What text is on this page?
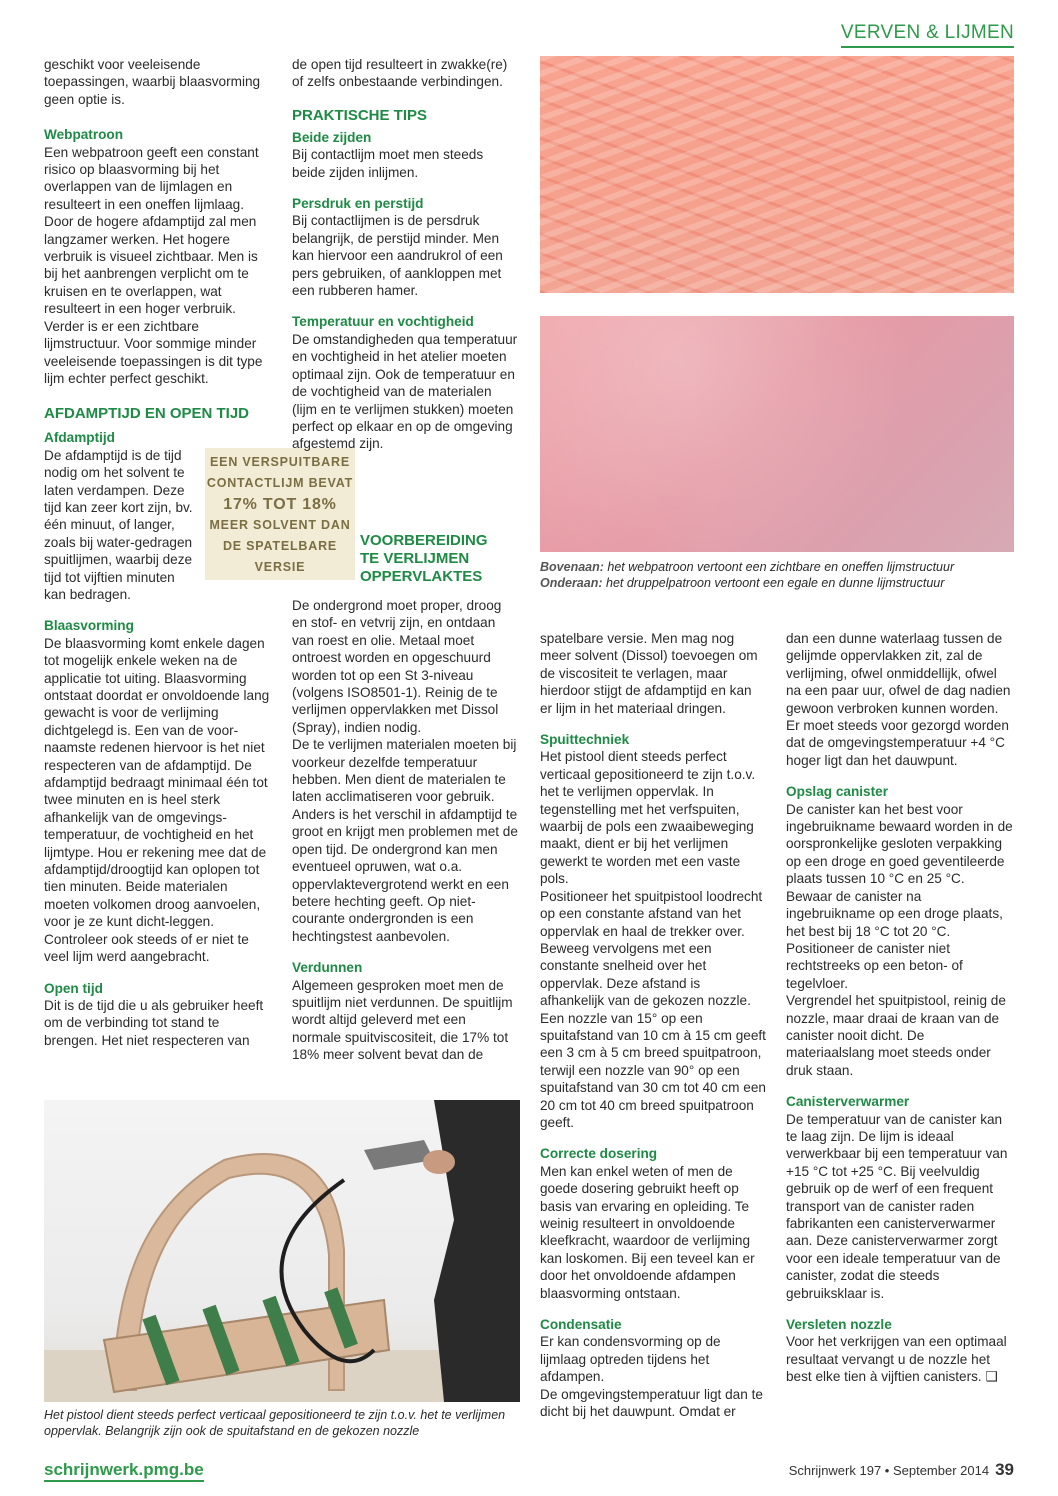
VERVEN & LIJMEN

geschikt voor veeleisende toepassingen, waarbij blaasvorming geen optie is.

Webpatroon

Een webpatroon geeft een constant risico op blaasvorming bij het overlappen van de lijmlagen en resulteert in een oneffen lijmlaag. Door de hogere afdamptijd zal men langzamer werken. Het hogere verbruik is visueel zichtbaar. Men is bij het aanbrengen verplicht om te kruisen en te overlappen, wat resulteert in een hoger verbruik. Verder is er een zichtbare lijmstructuur. Voor sommige minder veeleisende toepassingen is dit type lijm echter perfect geschikt.

AFDAMPTIJD EN OPEN TIJD
Afdamptijd

De afdamptijd is de tijd nodig om het solvent te laten verdampen. Deze tijd kan zeer kort zijn, bv. één minuut, of langer, zoals bij water-gedragen spuitlijmen, waarbij deze tijd tot vijftien minuten kan bedragen.

Blaasvorming

De blaasvorming komt enkele dagen tot mogelijk enkele weken na de applicatie tot uiting. Blaasvorming ontstaat doordat er onvoldoende lang gewacht is voor de verlijming dichtgelegd is. Een van de voor-naamste redenen hiervoor is het niet respecteren van de afdamptijd. De afdamptijd bedraagt minimaal één tot twee minuten en is heel sterk afhankelijk van de omgevings-temperatuur, de vochtigheid en het lijmtype. Hou er rekening mee dat de afdamptijd/droogtijd kan oplopen tot tien minuten. Beide materialen moeten volkomen droog aanvoelen, voor je ze kunt dicht-leggen. Controleer ook steeds of er niet te veel lijm werd aangebracht.

Open tijd

Dit is de tijd die u als gebruiker heeft om de verbinding tot stand te brengen. Het niet respecteren van

EEN VERSPUITBARE
CONTACTLIJM BEVAT
17% TOT 18%
MEER SOLVENT DAN
DE SPATELBARE
VERSIE

de open tijd resulteert in zwakke(re) of zelfs onbestaande verbindingen.

PRAKTISCHE TIPS
Beide zijden

Bij contactlijm moet men steeds beide zijden inlijmen.

Persdruk en perstijd

Bij contactlijmen is de persdruk belangrijk, de perstijd minder. Men kan hiervoor een aandrukrol of een pers gebruiken, of aankloppen met een rubberen hamer.

Temperatuur en vochtigheid

De omstandigheden qua temperatuur en vochtigheid in het atelier moeten optimaal zijn. Ook de temperatuur en de vochtigheid van de materialen (lijm en te verlijmen stukken) moeten perfect op elkaar en op de omgeving afgestemd zijn.

VOORBEREIDING TE VERLIJMEN OPPERVLAKTES

De ondergrond moet proper, droog en stof- en vetvrij zijn, en ontdaan van roest en olie. Metaal moet ontroest worden en opgeschuurd worden tot op een St 3-niveau (volgens ISO8501-1). Reinig de te verlijmen oppervlakken met Dissol (Spray), indien nodig.

De te verlijmen materialen moeten bij voorkeur dezelfde temperatuur hebben. Men dient de materialen te laten acclimatiseren voor gebruik. Anders is het verschil in afdamptijd te groot en krijgt men problemen met de open tijd. De ondergrond kan men eventueel opruwen, wat o.a. oppervlaktevergrotend werkt en een betere hechting geeft. Op niet-courante ondergronden is een hechtingstest aanbevolen.

Verdunnen

Algemeen gesproken moet men de spuitlijm niet verdunnen. De spuitlijm wordt altijd geleverd met een normale spuitviscositeit, die 17% tot 18% meer solvent bevat dan de

Bovenaan: het webpatroon vertoont een zichtbare en oneffen lijmstructuur
Onderaan: het druppelpatroon vertoont een egale en dunne lijmstructuur

spatelbare versie. Men mag nog meer solvent (Dissol) toevoegen om de viscositeit te verlagen, maar hierdoor stijgt de afdamptijd en kan er lijm in het materiaal dringen.

Spuittechniek

Het pistool dient steeds perfect verticaal gepositioneerd te zijn t.o.v. het te verlijmen oppervlak. In tegenstelling met het verfspuiten, waarbij de pols een zwaaibeweging maakt, dient er bij het verlijmen gewerkt te worden met een vaste pols.

Positioneer het spuitpistool loodrecht op een constante afstand van het oppervlak en haal de trekker over. Beweeg vervolgens met een constante snelheid over het oppervlak. Deze afstand is afhankelijk van de gekozen nozzle. Een nozzle van 15° op een spuitafstand van 10 cm à 15 cm geeft een 3 cm à 5 cm breed spuitpatroon, terwijl een nozzle van 90° op een spuitafstand van 30 cm tot 40 cm een 20 cm tot 40 cm breed spuitpatroon geeft.

Correcte dosering

Men kan enkel weten of men de goede dosering gebruikt heeft op basis van ervaring en opleiding. Te weinig resulteert in onvoldoende kleefkracht, waardoor de verlijming kan loskomen. Bij een teveel kan er door het onvoldoende afdampen blaasvorming ontstaan.

Condensatie

Er kan condensvorming op de lijmlaag optreden tijdens het afdampen.

De omgevingstemperatuur ligt dan te dicht bij het dauwpunt. Omdat er

dan een dunne waterlaag tussen de gelijmde oppervlakken zit, zal de verlijming, ofwel onmiddellijk, ofwel na een paar uur, ofwel de dag nadien gewoon verbroken kunnen worden. Er moet steeds voor gezorgd worden dat de omgevingstemperatuur +4 °C hoger ligt dan het dauwpunt.

Opslag canister

De canister kan het best voor ingebruikname bewaard worden in de oorspronkelijke gesloten verpakking op een droge en goed geventileerde plaats tussen 10 °C en 25 °C. Bewaar de canister na ingebruikname op een droge plaats, het best bij 18 °C tot 20 °C. Positioneer de canister niet rechtstreeks op een beton- of tegelvloer.

Vergrendel het spuitpistool, reinig de nozzle, maar draai de kraan van de canister nooit dicht. De materiaalslang moet steeds onder druk staan.

Canisterverwarmer

De temperatuur van de canister kan te laag zijn. De lijm is ideaal verwerkbaar bij een temperatuur van +15 °C tot +25 °C. Bij veelvuldig gebruik op de werf of een frequent transport van de canister raden fabrikanten een canisterverwarmer aan. Deze canisterverwarmer zorgt voor een ideale temperatuur van de canister, zodat die steeds gebruiksklaar is.

Versleten nozzle

Voor het verkrijgen van een optimaal resultaat vervangt u de nozzle het best elke tien à vijftien canisters. ❑

Het pistool dient steeds perfect verticaal gepositioneerd te zijn t.o.v. het te verlijmen oppervlak. Belangrijk zijn ook de spuitafstand en de gekozen nozzle
schrijnwerk.pmg.be	Schrijnwerk 197 • September 2014 39
